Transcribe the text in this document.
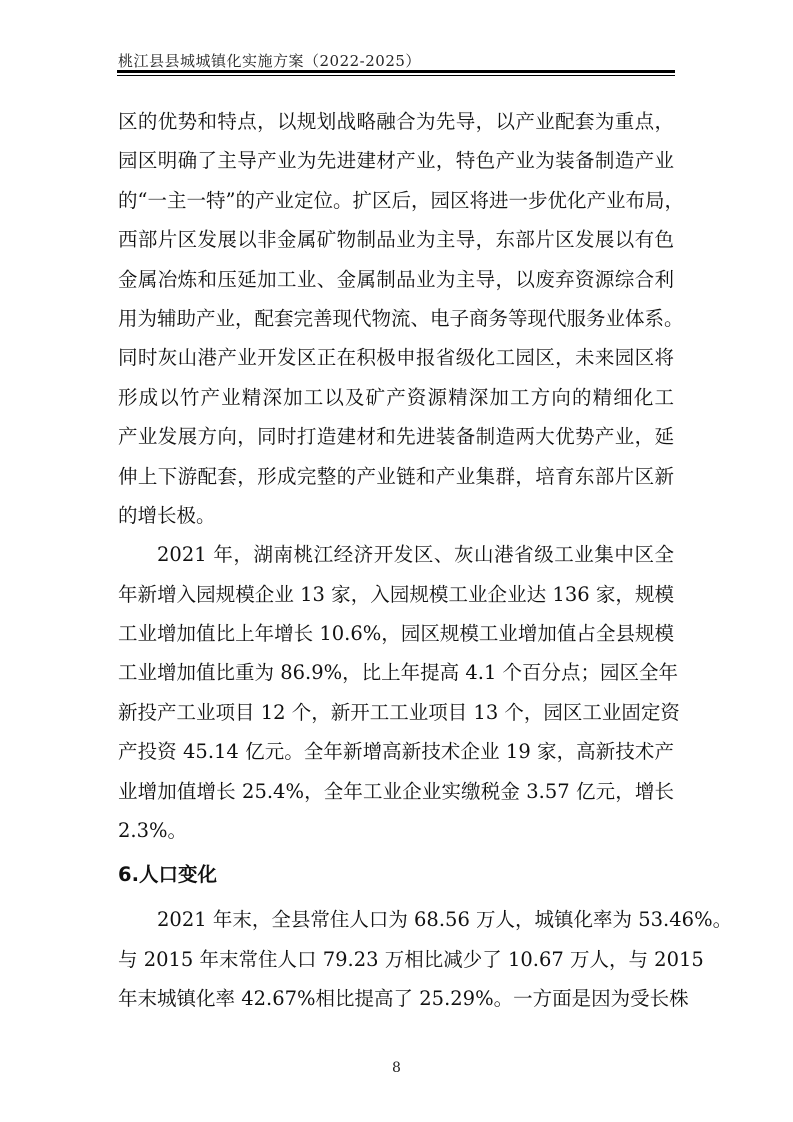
桃江县县城城镇化实施方案（2022-2025）
区的优势和特点，以规划战略融合为先导，以产业配套为重点，
园区明确了主导产业为先进建材产业，特色产业为装备制造产业
的“一主一特”的产业定位。扩区后，园区将进一步优化产业布局，
西部片区发展以非金属矿物制品业为主导，东部片区发展以有色
金属冶炼和压延加工业、金属制品业为主导，以废弃资源综合利
用为辅助产业，配套完善现代物流、电子商务等现代服务业体系。
同时灰山港产业开发区正在积极申报省级化工园区，未来园区将
形成以竹产业精深加工以及矿产资源精深加工方向的精细化工
产业发展方向，同时打造建材和先进装备制造两大优势产业，延
伸上下游配套，形成完整的产业链和产业集群，培育东部片区新
的增长极。
2021 年，湖南桃江经济开发区、灰山港省级工业集中区全
年新增入园规模企业 13 家，入园规模工业企业达 136 家，规模
工业增加值比上年增长 10.6%，园区规模工业增加值占全县规模
工业增加值比重为 86.9%，比上年提高 4.1 个百分点；园区全年
新投产工业项目 12 个，新开工工业项目 13 个，园区工业固定资
产投资 45.14 亿元。全年新增高新技术企业 19 家，高新技术产
业增加值增长 25.4%，全年工业企业实缴税金 3.57 亿元，增长
2.3%。
6.人口变化
2021 年末，全县常住人口为 68.56 万人，城镇化率为 53.46%。
与 2015 年末常住人口 79.23 万相比减少了 10.67 万人，与 2015
年末城镇化率 42.67%相比提高了 25.29%。一方面是因为受长株
8
